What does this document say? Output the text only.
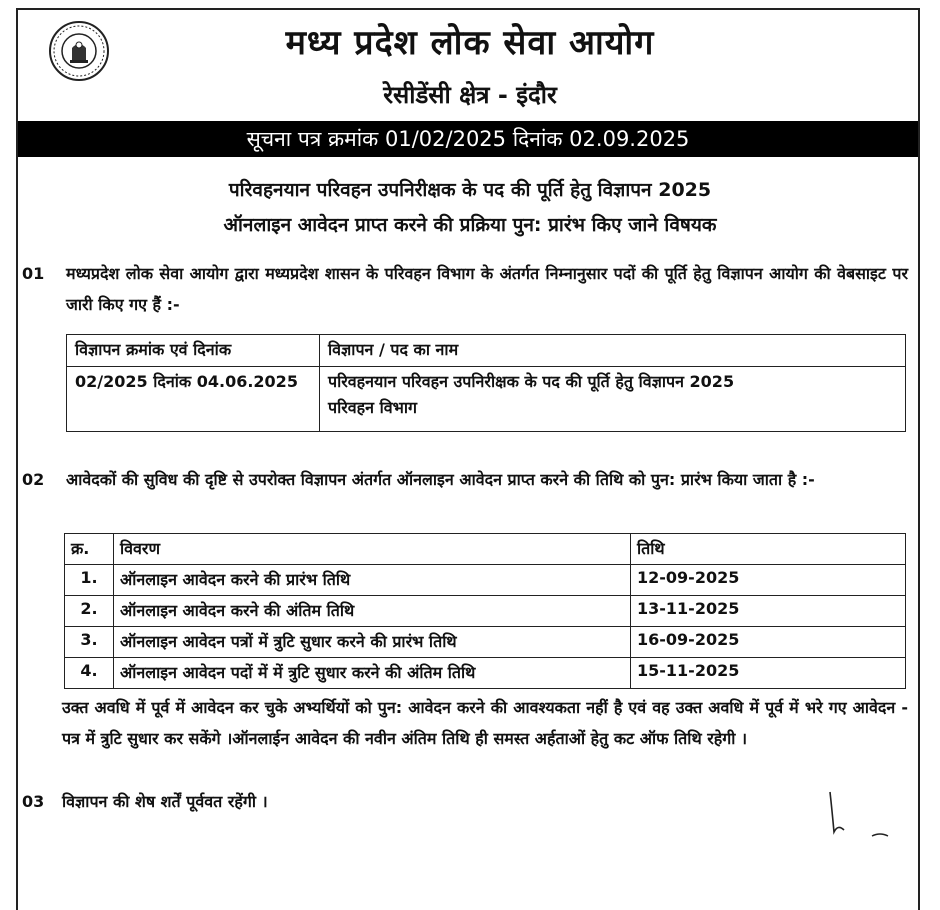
मध्य प्रदेश लोक सेवा आयोग
रेसीडेंसी क्षेत्र - इंदौर
सूचना पत्र क्रमांक 01/02/2025 दिनांक 02.09.2025
परिवहनयान परिवहन उपनिरीक्षक के पद की पूर्ति हेतु विज्ञापन 2025
ऑनलाइन आवेदन प्राप्त करने की प्रक्रिया पुन: प्रारंभ किए जाने विषयक
01 मध्यप्रदेश लोक सेवा आयोग द्वारा मध्यप्रदेश शासन के परिवहन विभाग के अंतर्गत निम्नानुसार पदों की पूर्ति हेतु विज्ञापन आयोग की वेबसाइट पर जारी किए गए हैं :-
विज्ञापन क्रमांक एवं दिनांक	विज्ञापन / पद का नाम
02/2025 दिनांक 04.06.2025	परिवहनयान परिवहन उपनिरीक्षक के पद की पूर्ति हेतु विज्ञापन 2025
परिवहन विभाग
02 आवेदकों की सुविध की दृष्टि से उपरोक्त विज्ञापन अंतर्गत ऑनलाइन आवेदन प्राप्त करने की तिथि को पुन: प्रारंभ किया जाता है :-
क्र.	विवरण	तिथि
1.	ऑनलाइन आवेदन करने की प्रारंभ तिथि	12-09-2025
2.	ऑनलाइन आवेदन करने की अंतिम तिथि	13-11-2025
3.	ऑनलाइन आवेदन पत्रों में त्रुटि सुधार करने की प्रारंभ तिथि	16-09-2025
4.	ऑनलाइन आवेदन पदों में में त्रुटि सुधार करने की अंतिम तिथि	15-11-2025
उक्त अवधि में पूर्व में आवेदन कर चुके अभ्यर्थियों को पुन: आवेदन करने की आवश्यकता नहीं है एवं वह उक्त अवधि में पूर्व में भरे गए आवेदन - पत्र में त्रुटि सुधार कर सकेंगे ।ऑनलाईन आवेदन की नवीन अंतिम तिथि ही समस्त अर्हताओं हेतु कट ऑफ तिथि रहेगी ।
03 विज्ञापन की शेष शर्तें पूर्ववत रहेंगी ।
